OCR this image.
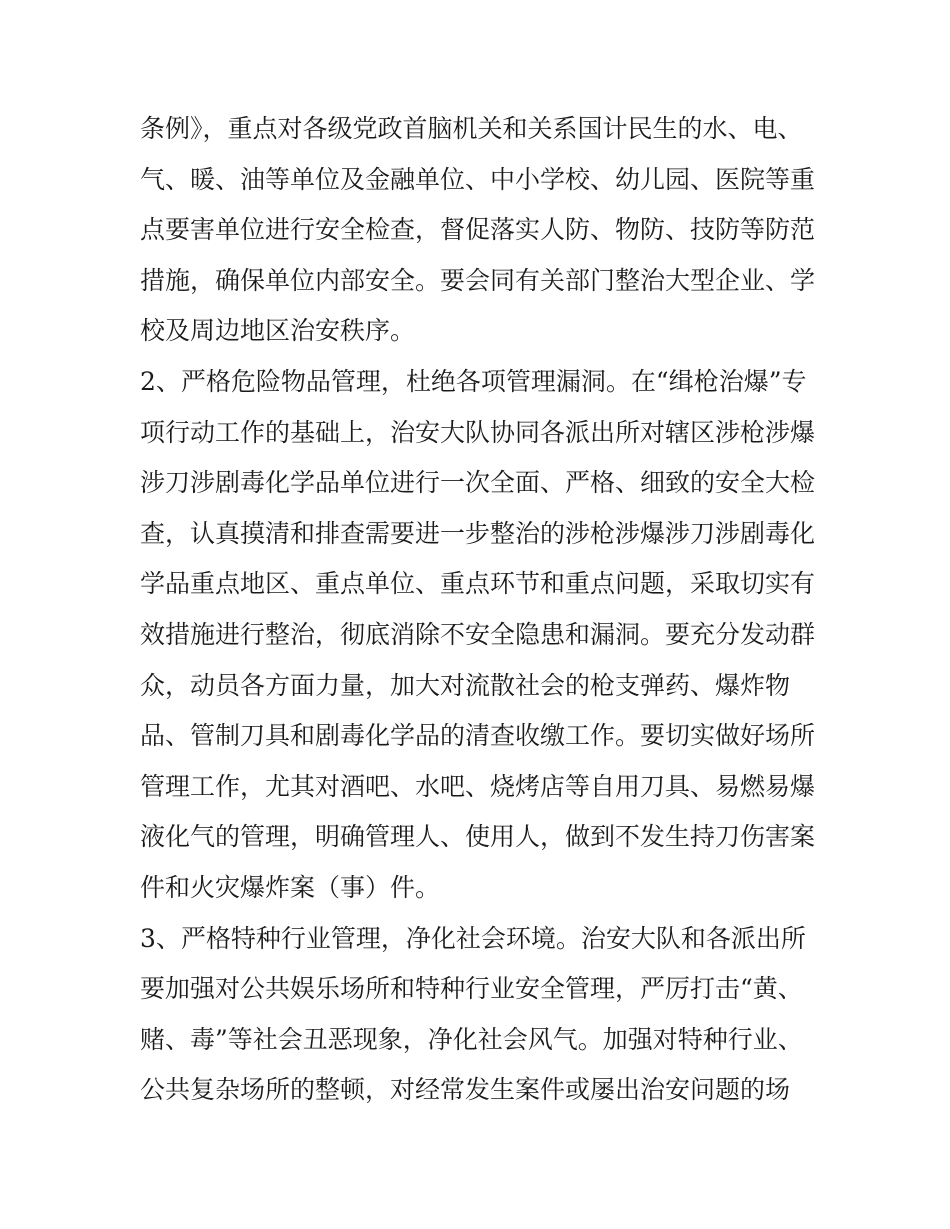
条例》，重点对各级党政首脑机关和关系国计民生的水、电、
气、暖、油等单位及金融单位、中小学校、幼儿园、医院等重
点要害单位进行安全检查，督促落实人防、物防、技防等防范
措施，确保单位内部安全。要会同有关部门整治大型企业、学
校及周边地区治安秩序。
2、严格危险物品管理，杜绝各项管理漏洞。在“缉枪治爆”专
项行动工作的基础上，治安大队协同各派出所对辖区涉枪涉爆
涉刀涉剧毒化学品单位进行一次全面、严格、细致的安全大检
查，认真摸清和排查需要进一步整治的涉枪涉爆涉刀涉剧毒化
学品重点地区、重点单位、重点环节和重点问题，采取切实有
效措施进行整治，彻底消除不安全隐患和漏洞。要充分发动群
众，动员各方面力量，加大对流散社会的枪支弹药、爆炸物
品、管制刀具和剧毒化学品的清查收缴工作。要切实做好场所
管理工作，尤其对酒吧、水吧、烧烤店等自用刀具、易燃易爆
液化气的管理，明确管理人、使用人，做到不发生持刀伤害案
件和火灾爆炸案（事）件。
3、严格特种行业管理，净化社会环境。治安大队和各派出所
要加强对公共娱乐场所和特种行业安全管理，严厉打击“黄、
赌、毒”等社会丑恶现象，净化社会风气。加强对特种行业、
公共复杂场所的整顿，对经常发生案件或屡出治安问题的场
